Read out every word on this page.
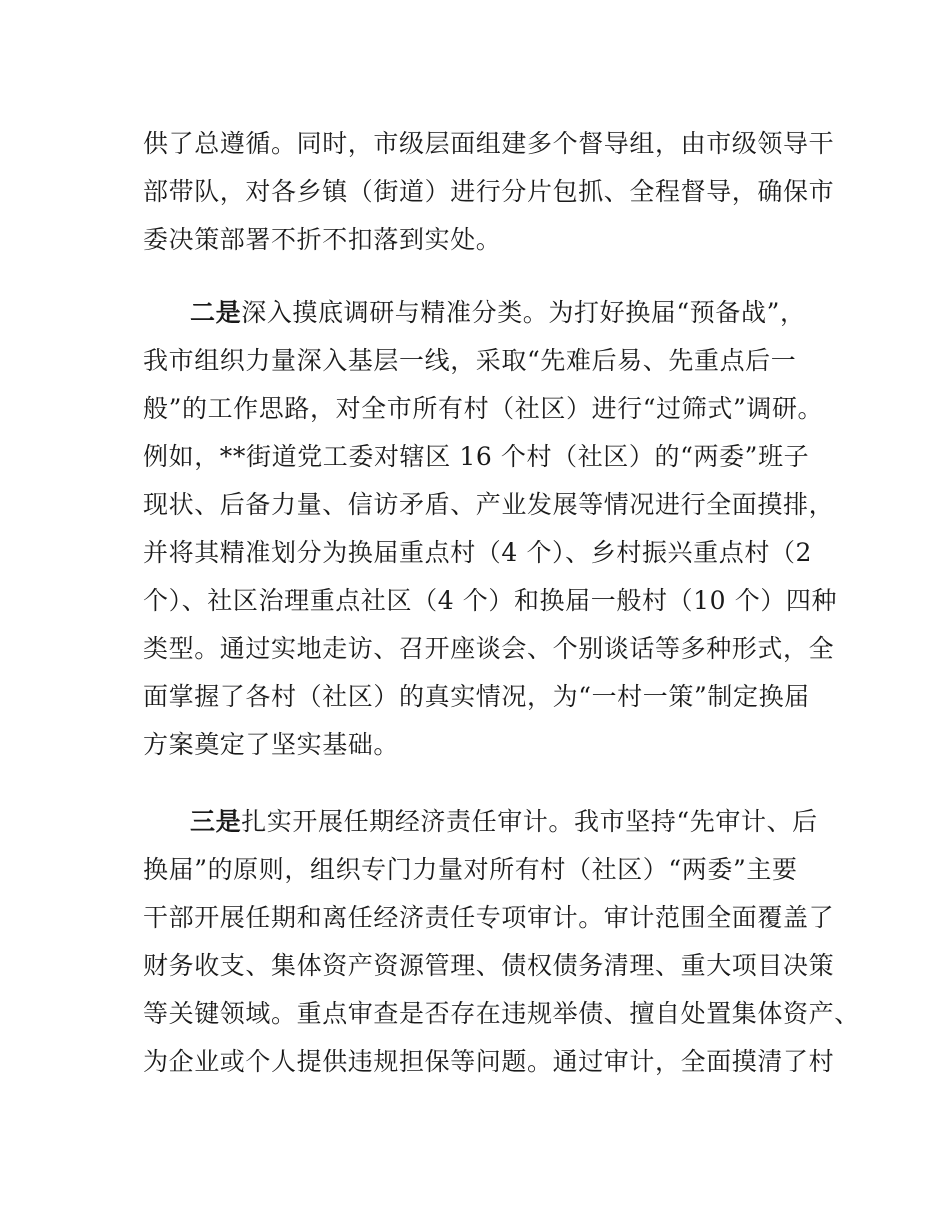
供了总遵循。同时，市级层面组建多个督导组，由市级领导干
部带队，对各乡镇（街道）进行分片包抓、全程督导，确保市
委决策部署不折不扣落到实处。
二是深入摸底调研与精准分类。为打好换届“预备战”，
我市组织力量深入基层一线，采取“先难后易、先重点后一
般”的工作思路，对全市所有村（社区）进行“过筛式”调研。
例如，**街道党工委对辖区 16 个村（社区）的“两委”班子
现状、后备力量、信访矛盾、产业发展等情况进行全面摸排，
并将其精准划分为换届重点村（4 个）、乡村振兴重点村（2
个）、社区治理重点社区（4 个）和换届一般村（10 个）四种
类型。通过实地走访、召开座谈会、个别谈话等多种形式，全
面掌握了各村（社区）的真实情况，为“一村一策”制定换届
方案奠定了坚实基础。
三是扎实开展任期经济责任审计。我市坚持“先审计、后
换届”的原则，组织专门力量对所有村（社区）“两委”主要
干部开展任期和离任经济责任专项审计。审计范围全面覆盖了
财务收支、集体资产资源管理、债权债务清理、重大项目决策
等关键领域。重点审查是否存在违规举债、擅自处置集体资产、
为企业或个人提供违规担保等问题。通过审计，全面摸清了村
